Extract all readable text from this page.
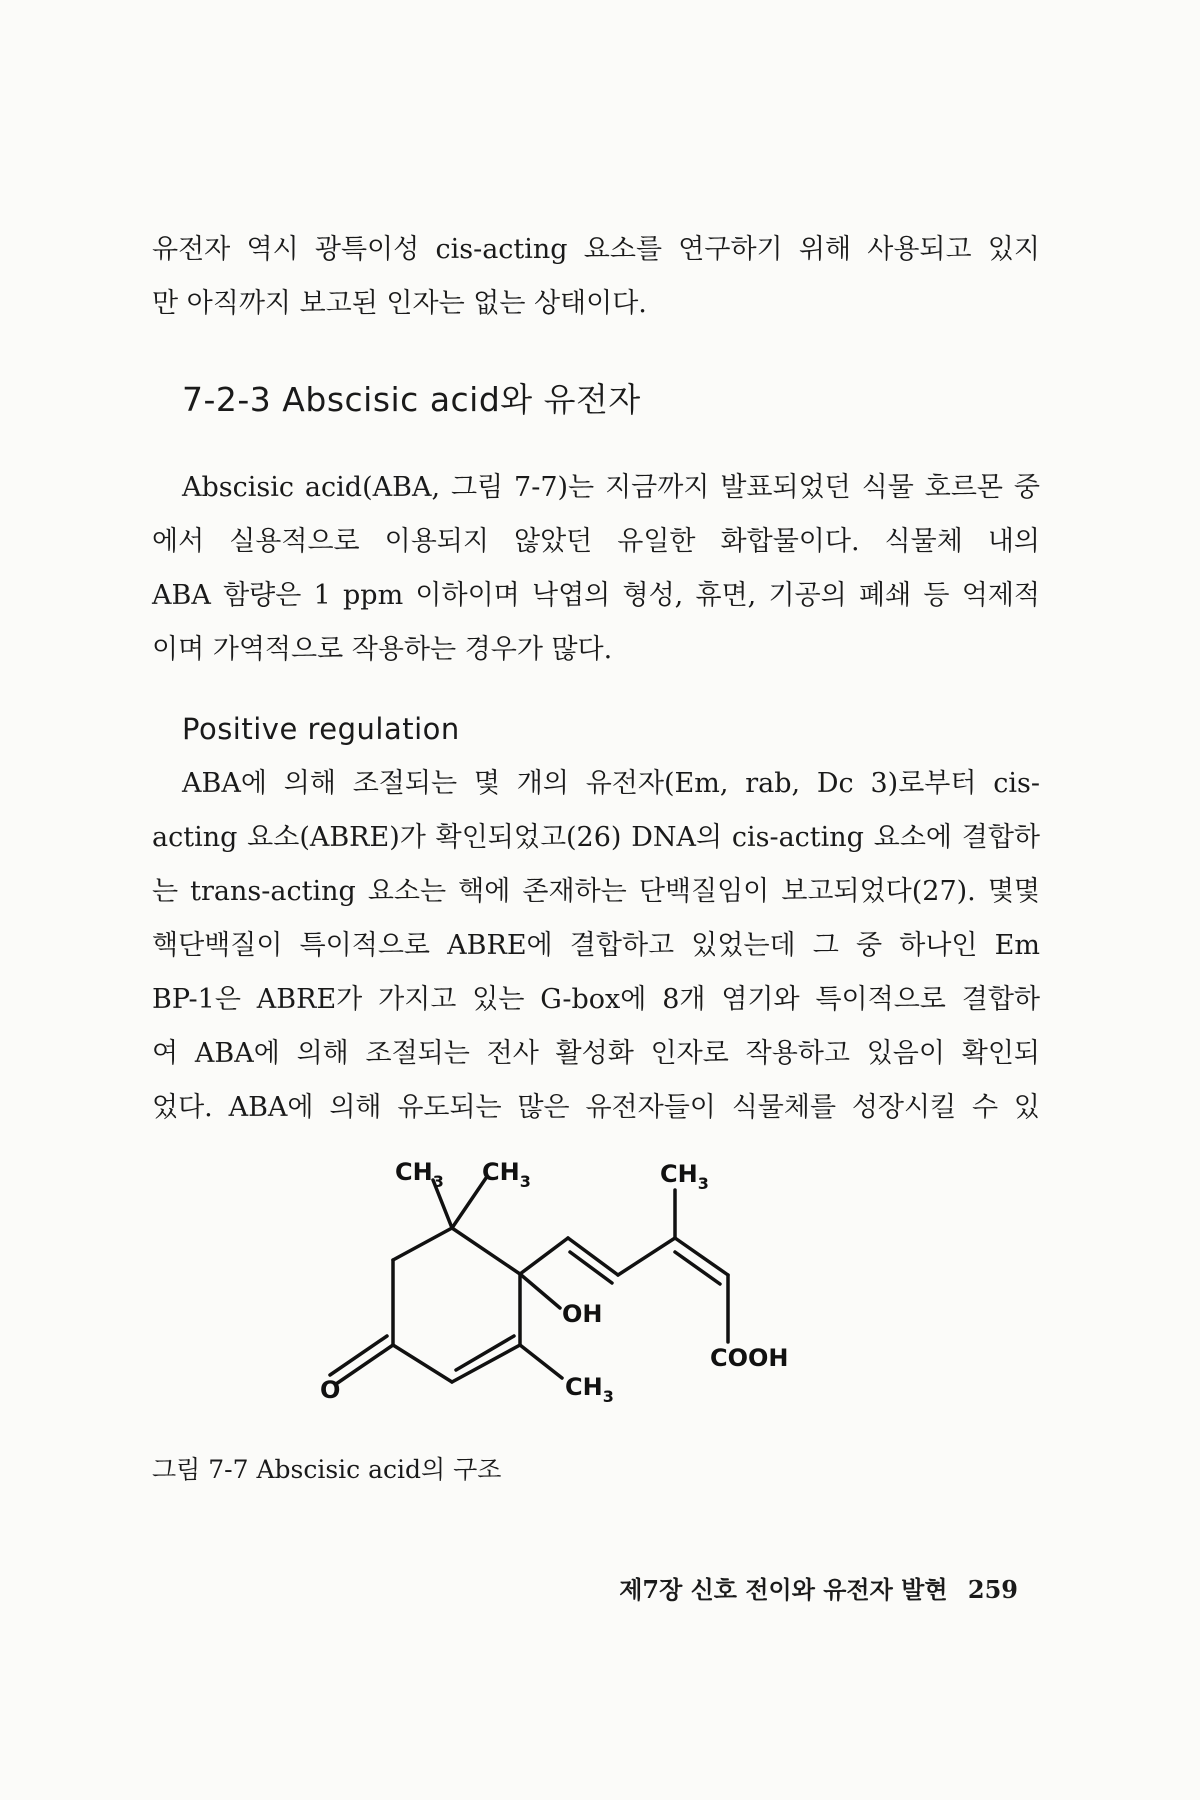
유전자 역시 광특이성 cis-acting 요소를 연구하기 위해 사용되고 있지
만 아직까지 보고된 인자는 없는 상태이다.
7-2-3 Abscisic acid와 유전자
Abscisic acid(ABA, 그림 7-7)는 지금까지 발표되었던 식물 호르몬 중
에서 실용적으로 이용되지 않았던 유일한 화합물이다. 식물체 내의
ABA 함량은 1 ppm 이하이며 낙엽의 형성, 휴면, 기공의 폐쇄 등 억제적
이며 가역적으로 작용하는 경우가 많다.
Positive regulation
ABA에 의해 조절되는 몇 개의 유전자(Em, rab, Dc 3)로부터 cis-
acting 요소(ABRE)가 확인되었고(26) DNA의 cis-acting 요소에 결합하
는 trans-acting 요소는 핵에 존재하는 단백질임이 보고되었다(27). 몇몇
핵단백질이 특이적으로 ABRE에 결합하고 있었는데 그 중 하나인 Em
BP-1은 ABRE가 가지고 있는 G-box에 8개 염기와 특이적으로 결합하
여 ABA에 의해 조절되는 전사 활성화 인자로 작용하고 있음이 확인되
었다. ABA에 의해 유도되는 많은 유전자들이 식물체를 성장시킬 수 있
$CH_3$ $CH_3$	$CH_3$
OH
COOH
$CH_3$
O
그림 7-7 Abscisic acid의 구조
제7장 신호 전이와 유전자 발현 259
